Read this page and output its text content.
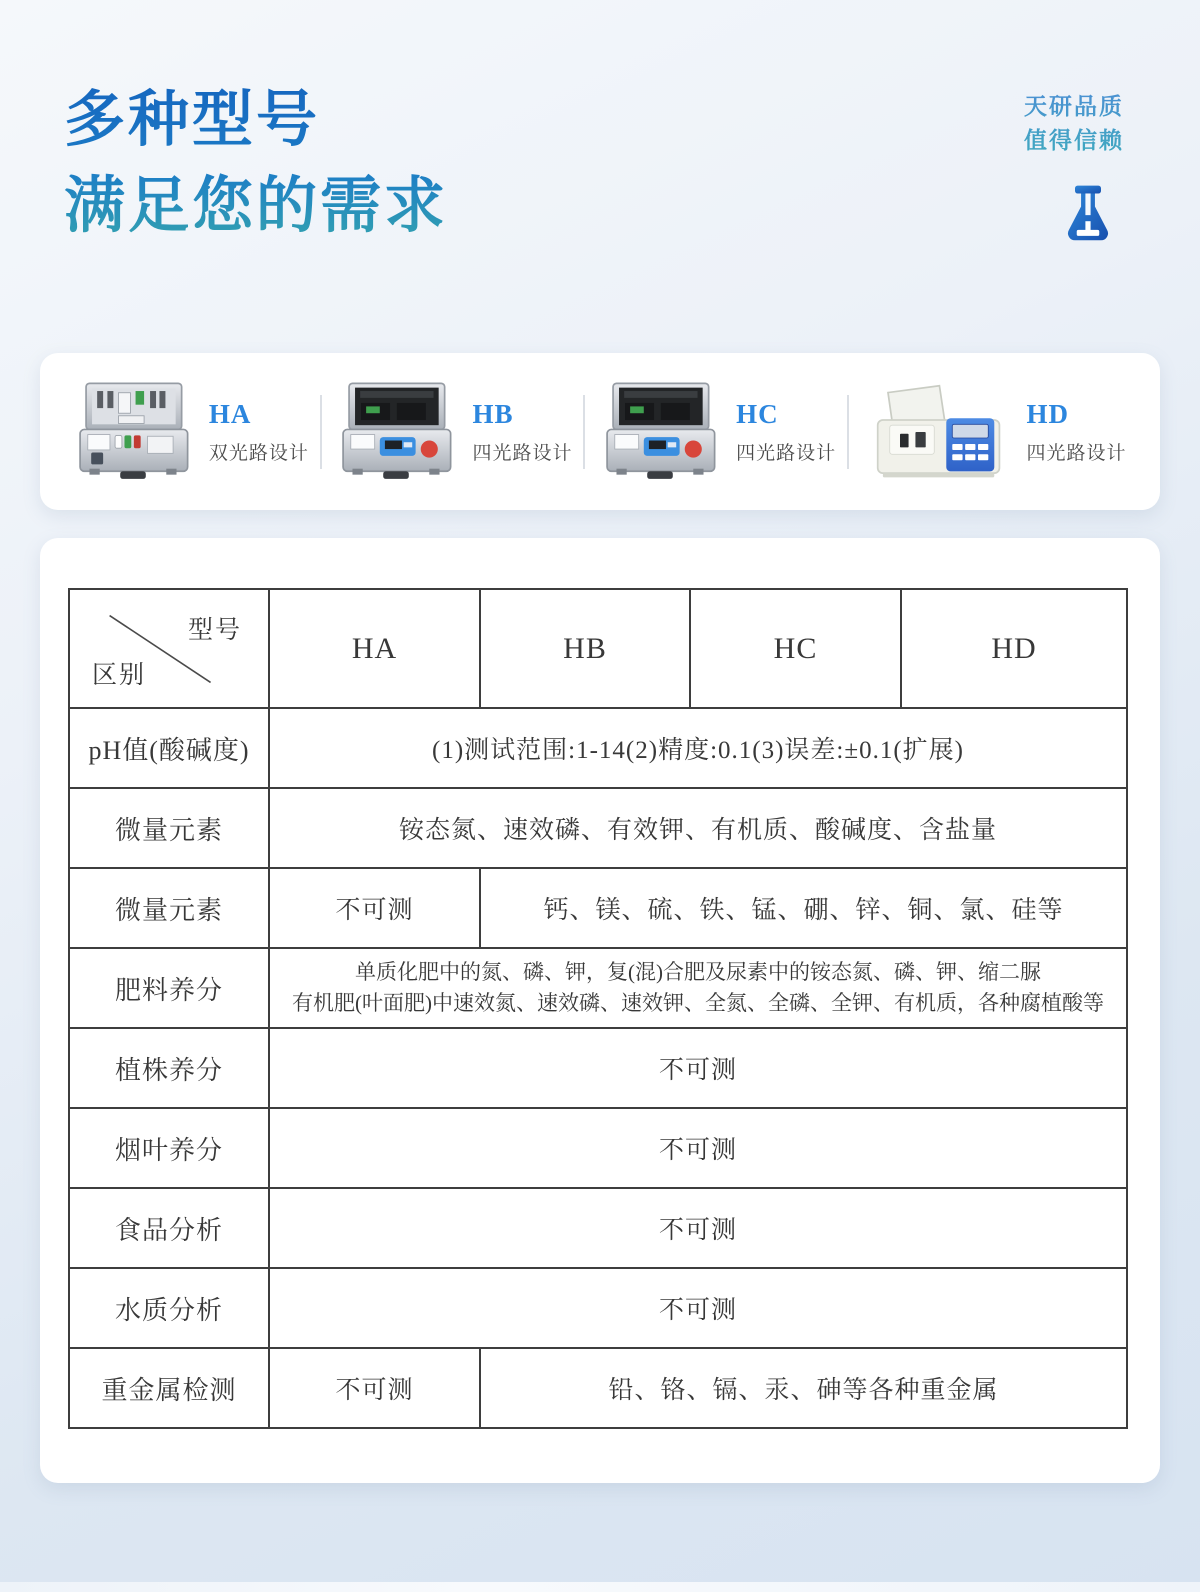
多种型号
满足您的需求
天研品质
值得信赖
HA
双光路设计
HB
四光路设计
HC
四光路设计
HD
四光路设计
型号
区别	HA	HB	HC	HD
pH值(酸碱度)	(1)测试范围:1-14(2)精度:0.1(3)误差:±0.1(扩展)			
微量元素	铵态氮、速效磷、有效钾、有机质、酸碱度、含盐量			
微量元素	不可测	钙、镁、硫、铁、锰、硼、锌、铜、氯、硅等		
肥料养分	单质化肥中的氮、磷、钾，复(混)合肥及尿素中的铵态氮、磷、钾、缩二脲
有机肥(叶面肥)中速效氮、速效磷、速效钾、全氮、全磷、全钾、有机质，各种腐植酸等			

植株养分	不可测			
烟叶养分	不可测			
食品分析	不可测			
水质分析	不可测			
重金属检测	不可测	铅、铬、镉、汞、砷等各种重金属		
